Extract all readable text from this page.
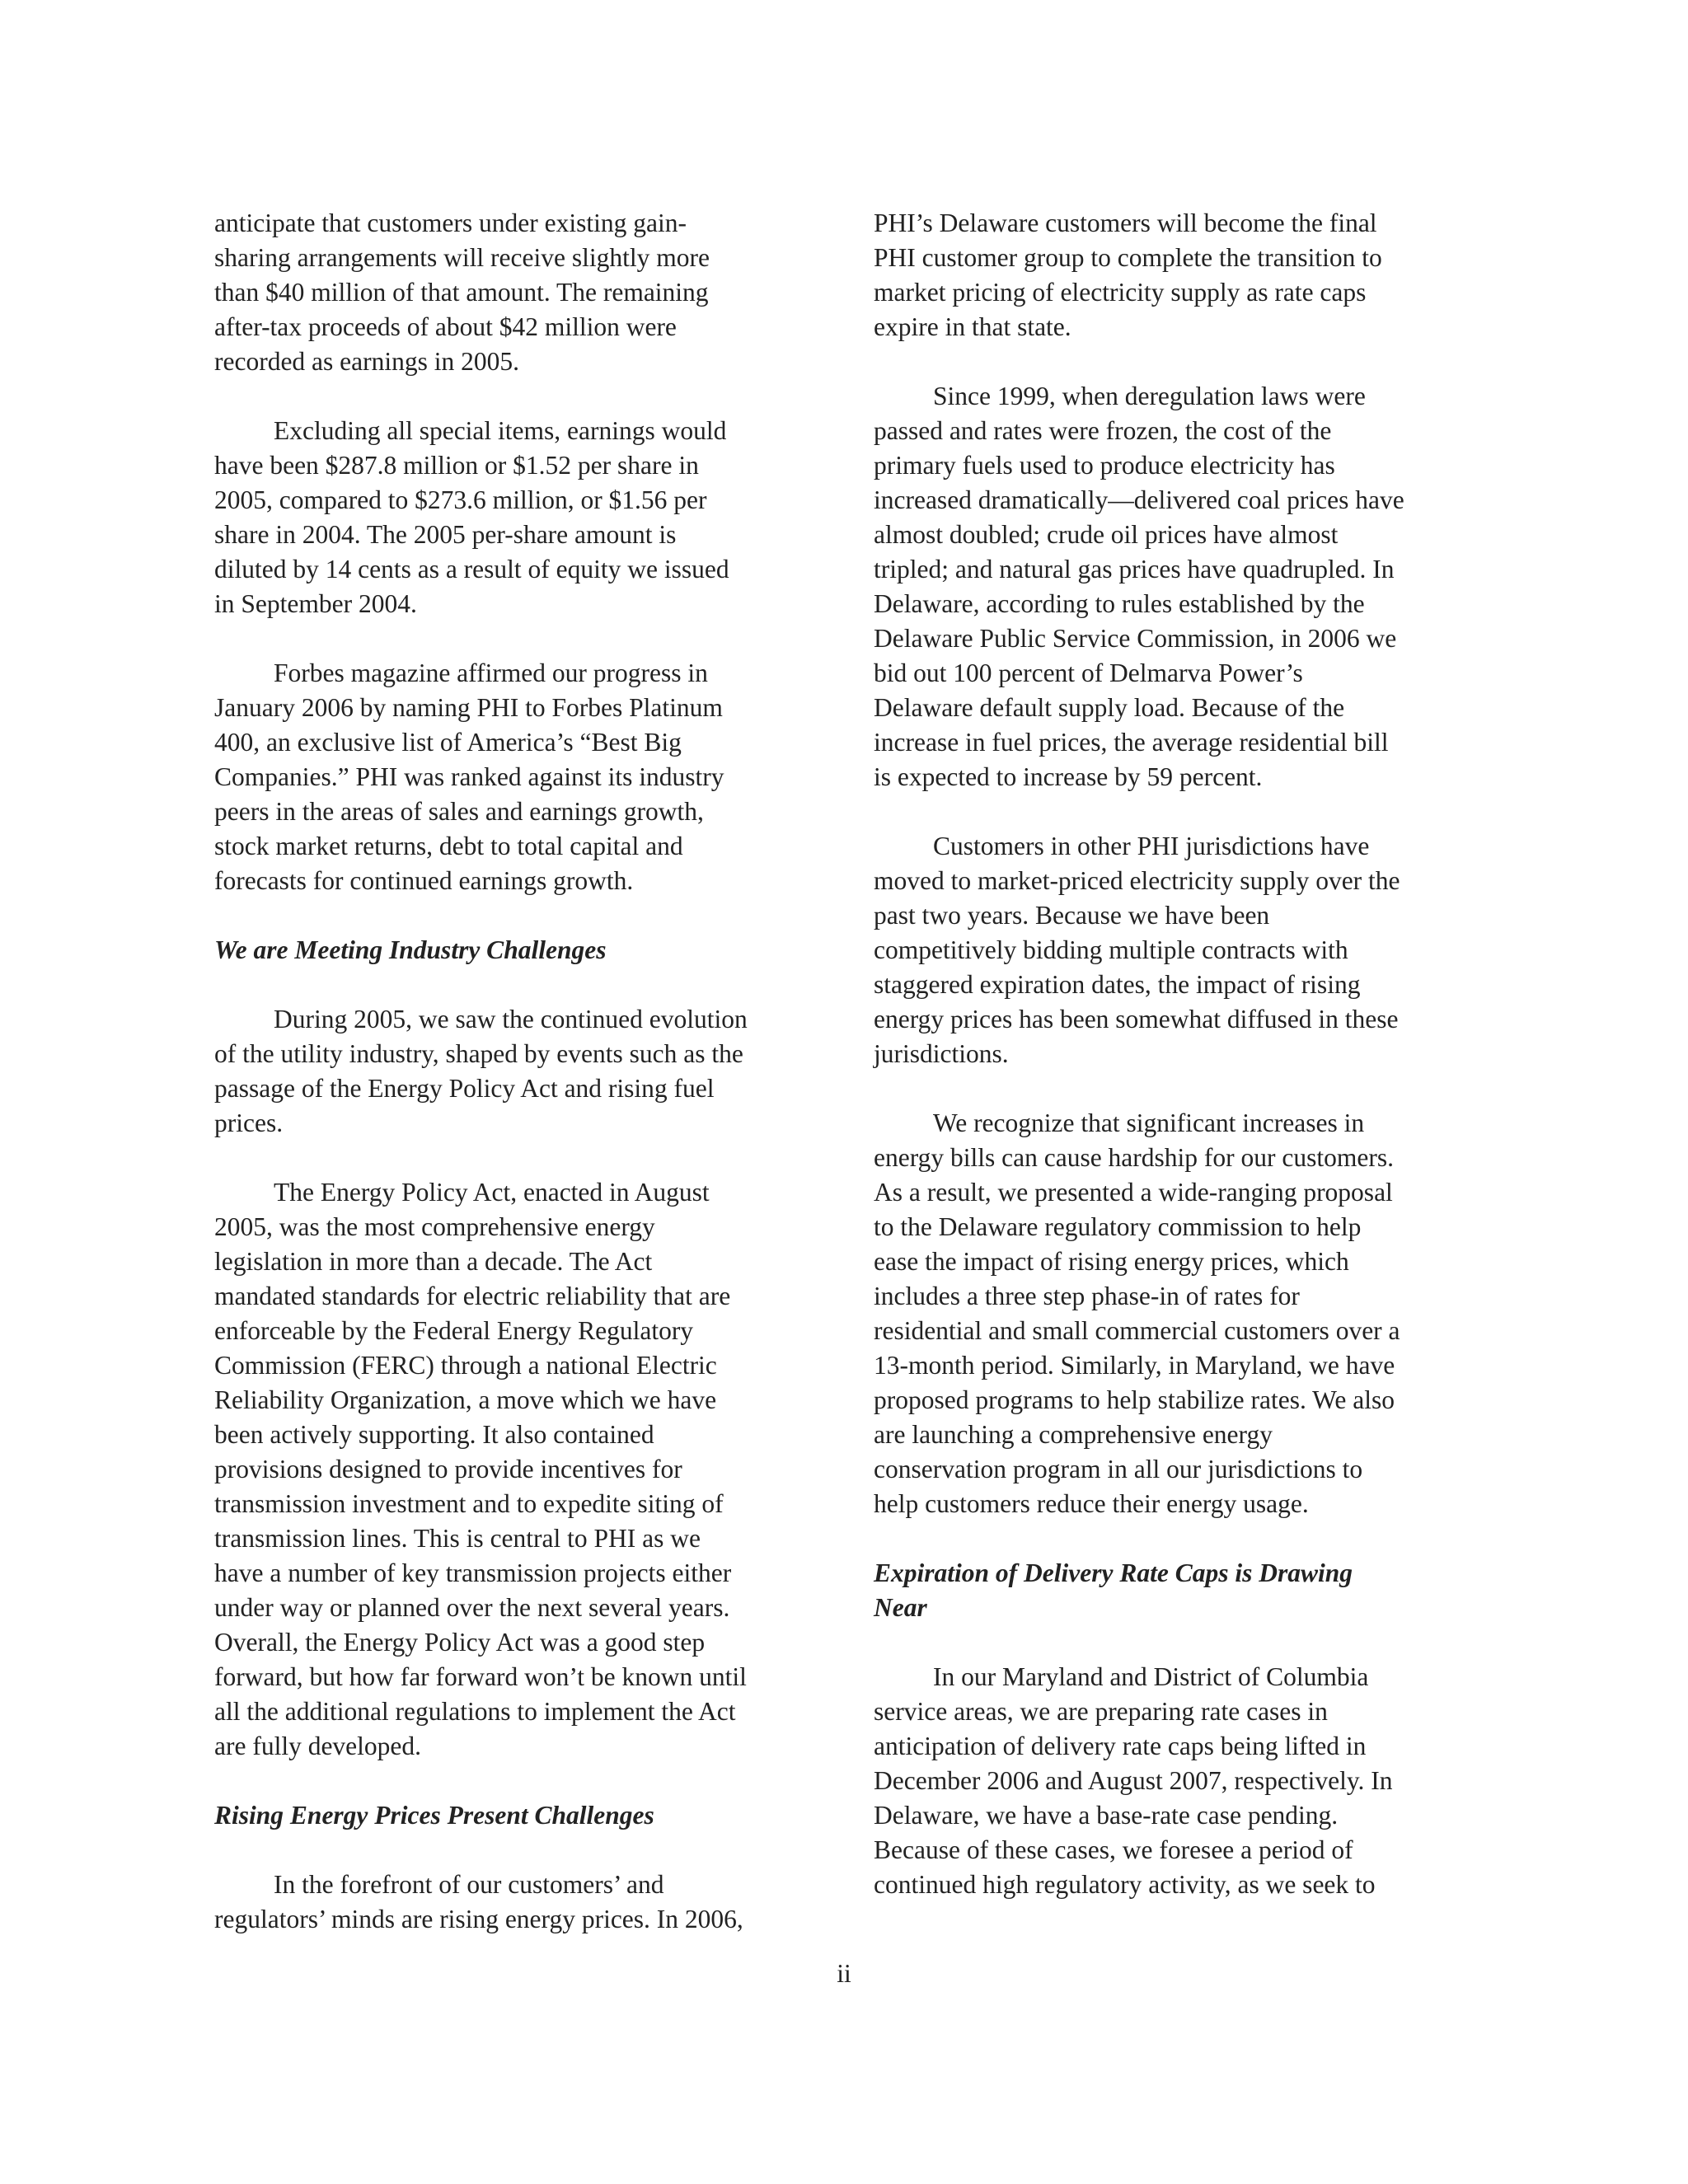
anticipate that customers under existing gain-
sharing arrangements will receive slightly more
than $40 million of that amount. The remaining
after-tax proceeds of about $42 million were
recorded as earnings in 2005.

Excluding all special items, earnings would
have been $287.8 million or $1.52 per share in
2005, compared to $273.6 million, or $1.56 per
share in 2004. The 2005 per-share amount is
diluted by 14 cents as a result of equity we issued
in September 2004.

Forbes magazine affirmed our progress in
January 2006 by naming PHI to Forbes Platinum
400, an exclusive list of America’s “Best Big
Companies.” PHI was ranked against its industry
peers in the areas of sales and earnings growth,
stock market returns, debt to total capital and
forecasts for continued earnings growth.

We are Meeting Industry Challenges

During 2005, we saw the continued evolution
of the utility industry, shaped by events such as the
passage of the Energy Policy Act and rising fuel
prices.

The Energy Policy Act, enacted in August
2005, was the most comprehensive energy
legislation in more than a decade. The Act
mandated standards for electric reliability that are
enforceable by the Federal Energy Regulatory
Commission (FERC) through a national Electric
Reliability Organization, a move which we have
been actively supporting. It also contained
provisions designed to provide incentives for
transmission investment and to expedite siting of
transmission lines. This is central to PHI as we
have a number of key transmission projects either
under way or planned over the next several years.
Overall, the Energy Policy Act was a good step
forward, but how far forward won’t be known until
all the additional regulations to implement the Act
are fully developed.

Rising Energy Prices Present Challenges

In the forefront of our customers’ and
regulators’ minds are rising energy prices. In 2006,

PHI’s Delaware customers will become the final
PHI customer group to complete the transition to
market pricing of electricity supply as rate caps
expire in that state.

Since 1999, when deregulation laws were
passed and rates were frozen, the cost of the
primary fuels used to produce electricity has
increased dramatically—delivered coal prices have
almost doubled; crude oil prices have almost
tripled; and natural gas prices have quadrupled. In
Delaware, according to rules established by the
Delaware Public Service Commission, in 2006 we
bid out 100 percent of Delmarva Power’s
Delaware default supply load. Because of the
increase in fuel prices, the average residential bill
is expected to increase by 59 percent.

Customers in other PHI jurisdictions have
moved to market-priced electricity supply over the
past two years. Because we have been
competitively bidding multiple contracts with
staggered expiration dates, the impact of rising
energy prices has been somewhat diffused in these
jurisdictions.

We recognize that significant increases in
energy bills can cause hardship for our customers.
As a result, we presented a wide-ranging proposal
to the Delaware regulatory commission to help
ease the impact of rising energy prices, which
includes a three step phase-in of rates for
residential and small commercial customers over a
13-month period. Similarly, in Maryland, we have
proposed programs to help stabilize rates. We also
are launching a comprehensive energy
conservation program in all our jurisdictions to
help customers reduce their energy usage.

Expiration of Delivery Rate Caps is Drawing
Near

In our Maryland and District of Columbia
service areas, we are preparing rate cases in
anticipation of delivery rate caps being lifted in
December 2006 and August 2007, respectively. In
Delaware, we have a base-rate case pending.
Because of these cases, we foresee a period of
continued high regulatory activity, as we seek to

ii
